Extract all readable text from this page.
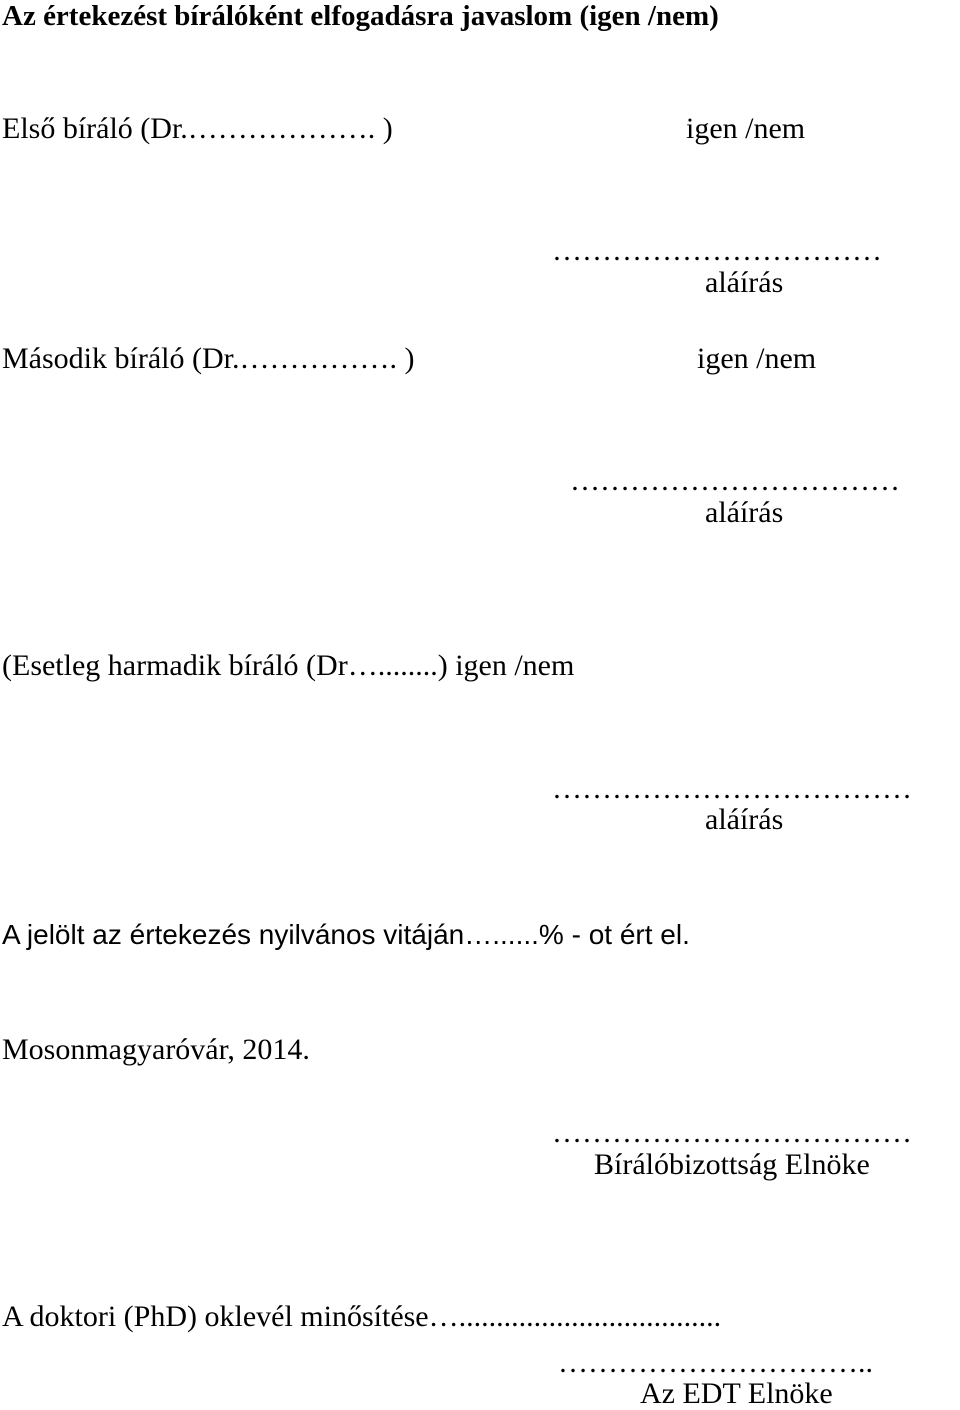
Az értekezést bírálóként elfogadásra javaslom (igen /nem)
Első bíráló (Dr.………………. )	igen /nem
……………………………
aláírás
Második bíráló (Dr.……………. )	igen /nem
……………………………
aláírás
(Esetleg harmadik bíráló (Dr…........) igen /nem
………………………………
aláírás
A jelölt az értekezés nyilvános vitáján…......% - ot ért el.
Mosonmagyaróvár, 2014.
………………………………
Bírálóbizottság Elnöke
A doktori (PhD) oklevél minősítése…...................................
…………………………..
Az EDT Elnöke
